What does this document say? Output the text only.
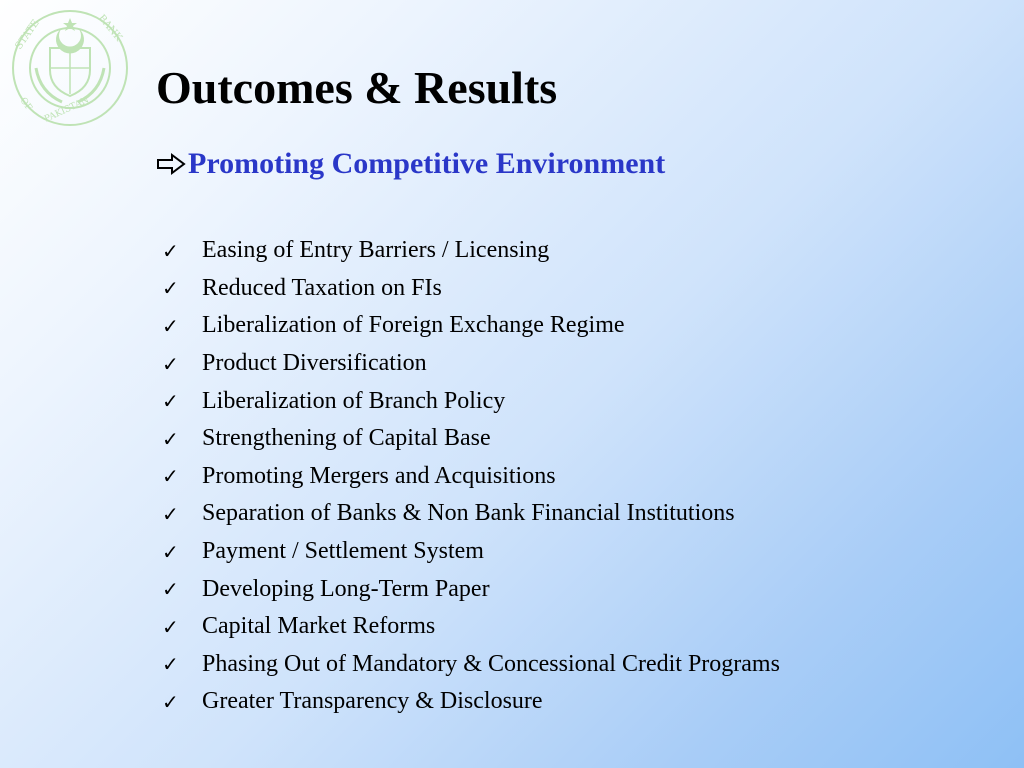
STATE	BANK
OF PAKISTAN Outcomes & Results
Promoting Competitive Environment
✓ Easing of Entry Barriers / Licensing
✓ Reduced Taxation on FIs
✓ Liberalization of Foreign Exchange Regime
✓ Product Diversification
✓ Liberalization of Branch Policy
✓ Strengthening of Capital Base
✓ Promoting Mergers and Acquisitions
✓ Separation of Banks & Non Bank Financial Institutions
✓ Payment / Settlement System
✓ Developing Long-Term Paper
✓ Capital Market Reforms
✓ Phasing Out of Mandatory & Concessional Credit Programs
✓ Greater Transparency & Disclosure
